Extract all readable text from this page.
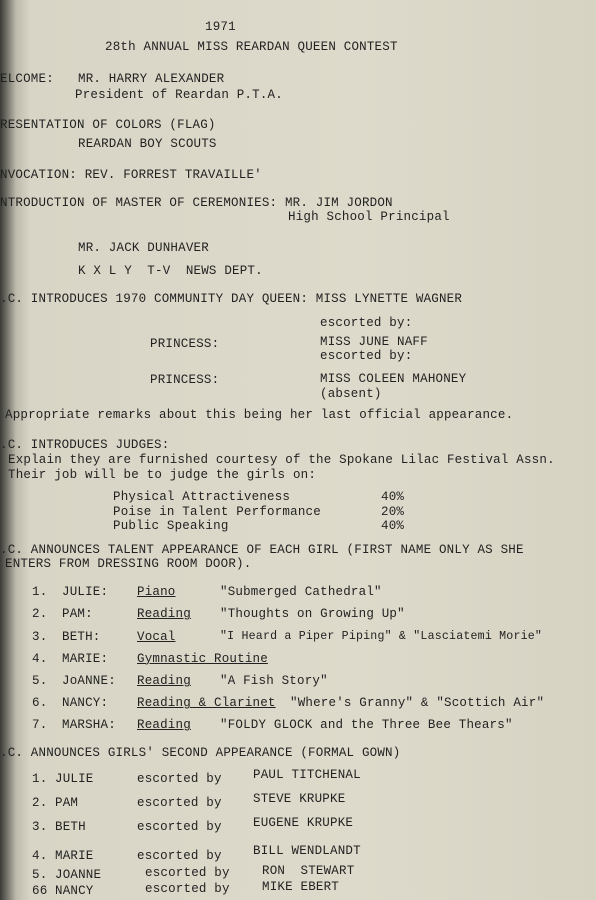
1971
28th ANNUAL MISS REARDAN QUEEN CONTEST
ELCOME: MR. HARRY ALEXANDER
President of Reardan P.T.A.
RESENTATION OF COLORS (FLAG)
REARDAN BOY SCOUTS
NVOCATION: REV. FORREST TRAVAILLE'
NTRODUCTION OF MASTER OF CEREMONIES: MR. JIM JORDON
High School Principal
MR. JACK DUNHAVER
K X L Y  T-V  NEWS DEPT.
.C. INTRODUCES 1970 COMMUNITY DAY QUEEN: MISS LYNETTE WAGNER
escorted by:
PRINCESS:	MISS JUNE NAFF
escorted by:
PRINCESS:	MISS COLEEN MAHONEY
(absent)
Appropriate remarks about this being her last official appearance.
.C. INTRODUCES JUDGES:
Explain they are furnished courtesy of the Spokane Lilac Festival Assn.
Their job will be to judge the girls on:
Physical Attractiveness	40%
Poise in Talent Performance	20%
Public Speaking	40%
.C. ANNOUNCES TALENT APPEARANCE OF EACH GIRL (FIRST NAME ONLY AS SHE
ENTERS FROM DRESSING ROOM DOOR).
1. JULIE: Piano	"Submerged Cathedral"
2. PAM:	Reading "Thoughts on Growing Up"
3. BETH:	Vocal	"I Heard a Piper Piping" & "Lasciatemi Morie"
4. MARIE: Gymnastic Routine
5. JoANNE: Reading "A Fish Story"
6. NANCY: Reading & Clarinet "Where's Granny" & "Scottich Air"
7. MARSHA: Reading "FOLDY GLOCK and the Three Bee Thears"
.C. ANNOUNCES GIRLS' SECOND APPEARANCE (FORMAL GOWN)
1. JULIE	escorted by	PAUL TITCHENAL
2. PAM	escorted by	STEVE KRUPKE
3. BETH	escorted by	EUGENE KRUPKE
4. MARIE	escorted by	BILL WENDLANDT
5. JOANNE	escorted by	RON  STEWART
66 NANCY	escorted by	MIKE EBERT
